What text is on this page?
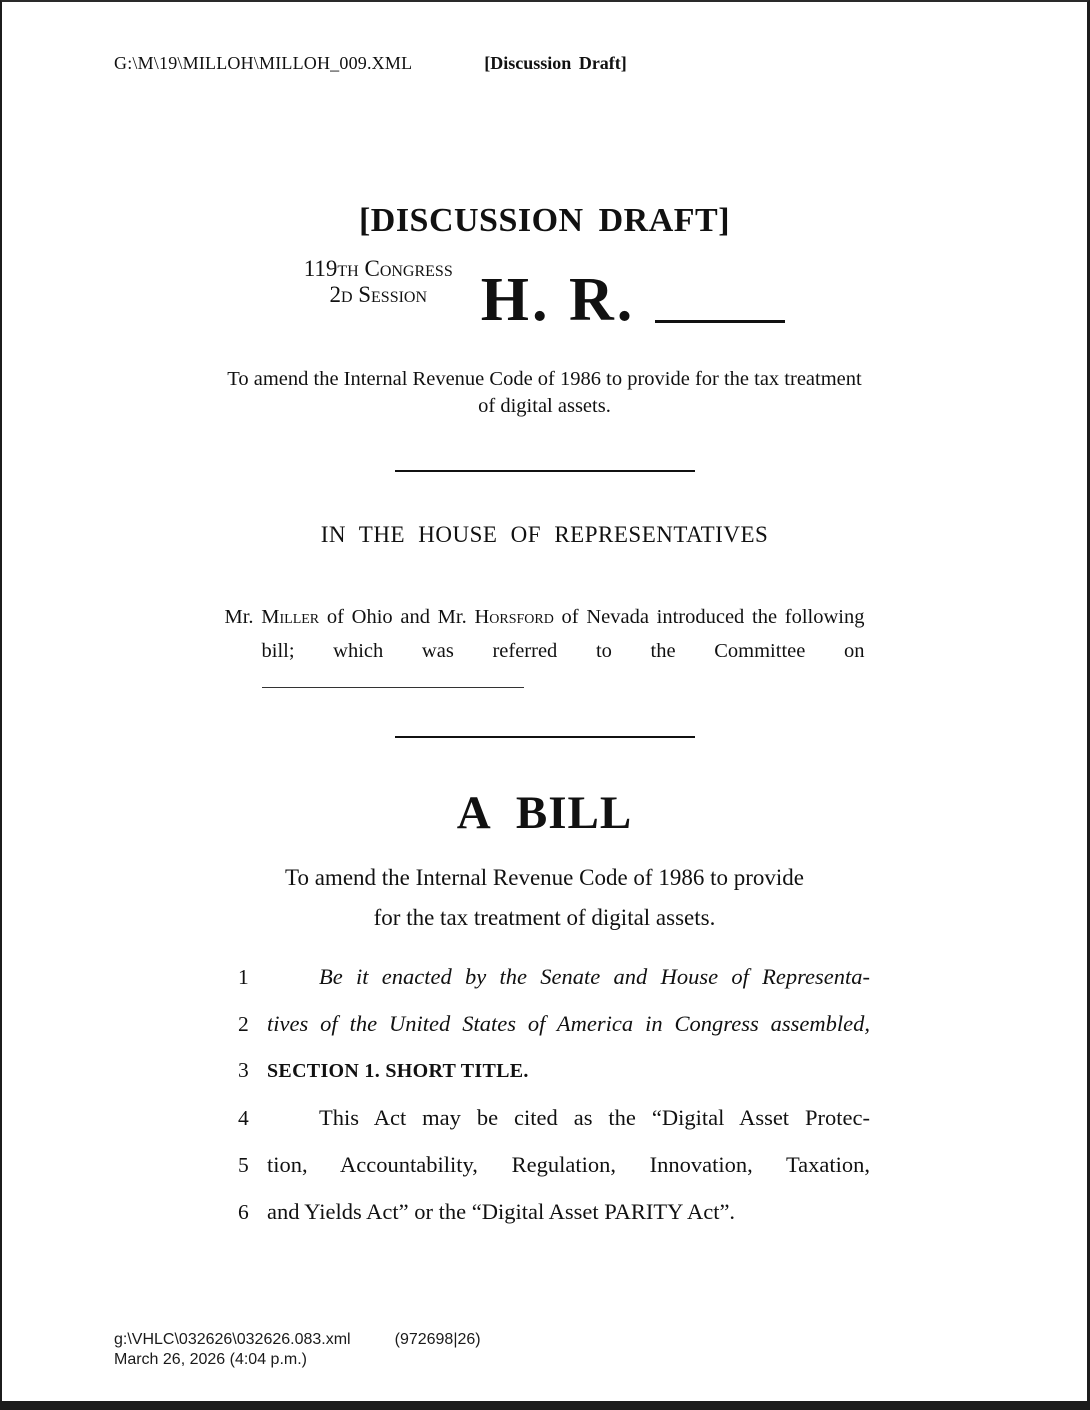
G:\M\19\MILLOH\MILLOH_009.XML	[Discussion Draft]
[DISCUSSION DRAFT]
119th Congress
2d Session H. R.
To amend the Internal Revenue Code of 1986 to provide for the tax treatment
of digital assets.
IN THE HOUSE OF REPRESENTATIVES
Mr. Miller of Ohio and Mr. Horsford of Nevada introduced the following
bill; which was referred to the Committee on
A BILL
To amend the Internal Revenue Code of 1986 to provide
for the tax treatment of digital assets.
1	Be it enacted by the Senate and House of Representa-
2 tives of the United States of America in Congress assembled,
3 SECTION 1. SHORT TITLE.
4	This Act may be cited as the “Digital Asset Protec-
5 tion, Accountability, Regulation, Innovation, Taxation,
6 and Yields Act” or the “Digital Asset PARITY Act”.
g:\VHLC\032626\032626.083.xml	(972698|26)
March 26, 2026 (4:04 p.m.)
